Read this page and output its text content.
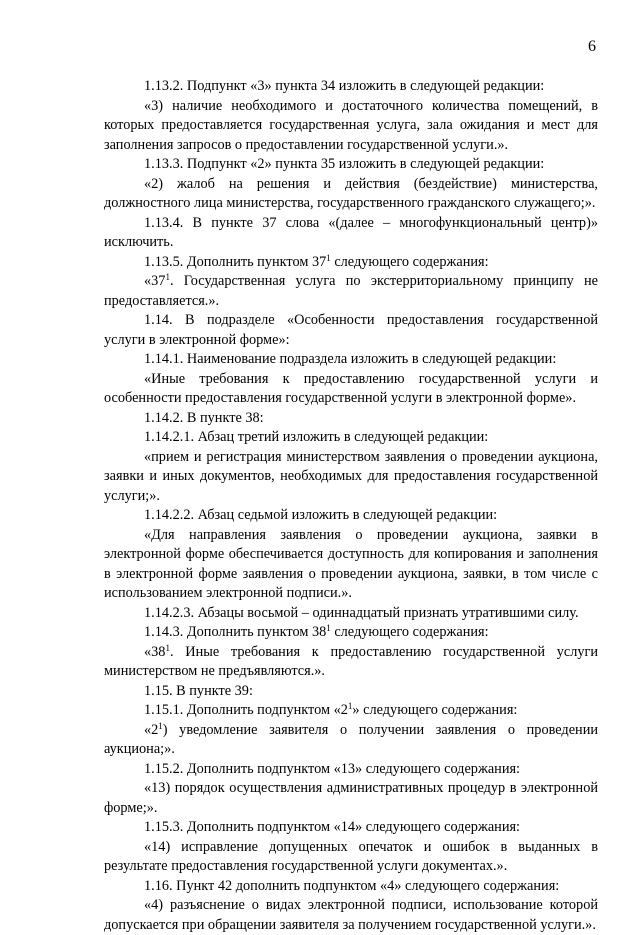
6

1.13.2. Подпункт «3» пункта 34 изложить в следующей редакции:

«3) наличие необходимого и достаточного количества помещений, в которых предоставляется государственная услуга, зала ожидания и мест для заполнения запросов о предоставлении государственной услуги.».

1.13.3. Подпункт «2» пункта 35 изложить в следующей редакции:

«2) жалоб на решения и действия (бездействие) министерства, должностного лица министерства, государственного гражданского служащего;».

1.13.4. В пункте 37 слова «(далее – многофункциональный центр)» исключить.

1.13.5. Дополнить пунктом $37^1$ следующего содержания:

«$37^1$. Государственная услуга по экстерриториальному принципу не предоставляется.».

1.14. В подразделе «Особенности предоставления государственной услуги в электронной форме»:

1.14.1. Наименование подраздела изложить в следующей редакции:

«Иные требования к предоставлению государственной услуги и особенности предоставления государственной услуги в электронной форме».

1.14.2. В пункте 38:

1.14.2.1. Абзац третий изложить в следующей редакции:

«прием и регистрация министерством заявления о проведении аукциона, заявки и иных документов, необходимых для предоставления государственной услуги;».

1.14.2.2. Абзац седьмой изложить в следующей редакции:

«Для направления заявления о проведении аукциона, заявки в электронной форме обеспечивается доступность для копирования и заполнения в электронной форме заявления о проведении аукциона, заявки, в том числе с использованием электронной подписи.».

1.14.2.3. Абзацы восьмой – одиннадцатый признать утратившими силу.

1.14.3. Дополнить пунктом $38^1$ следующего содержания:

«$38^1$. Иные требования к предоставлению государственной услуги министерством не предъявляются.».

1.15. В пункте 39:

1.15.1. Дополнить подпунктом «$2^1$» следующего содержания:

«$2^1$) уведомление заявителя о получении заявления о проведении аукциона;».

1.15.2. Дополнить подпунктом «13» следующего содержания:

«13) порядок осуществления административных процедур в электронной форме;».

1.15.3. Дополнить подпунктом «14» следующего содержания:

«14) исправление допущенных опечаток и ошибок в выданных в результате предоставления государственной услуги документах.».

1.16. Пункт 42 дополнить подпунктом «4» следующего содержания:

«4) разъяснение о видах электронной подписи, использование которой допускается при обращении заявителя за получением государственной услуги.».
